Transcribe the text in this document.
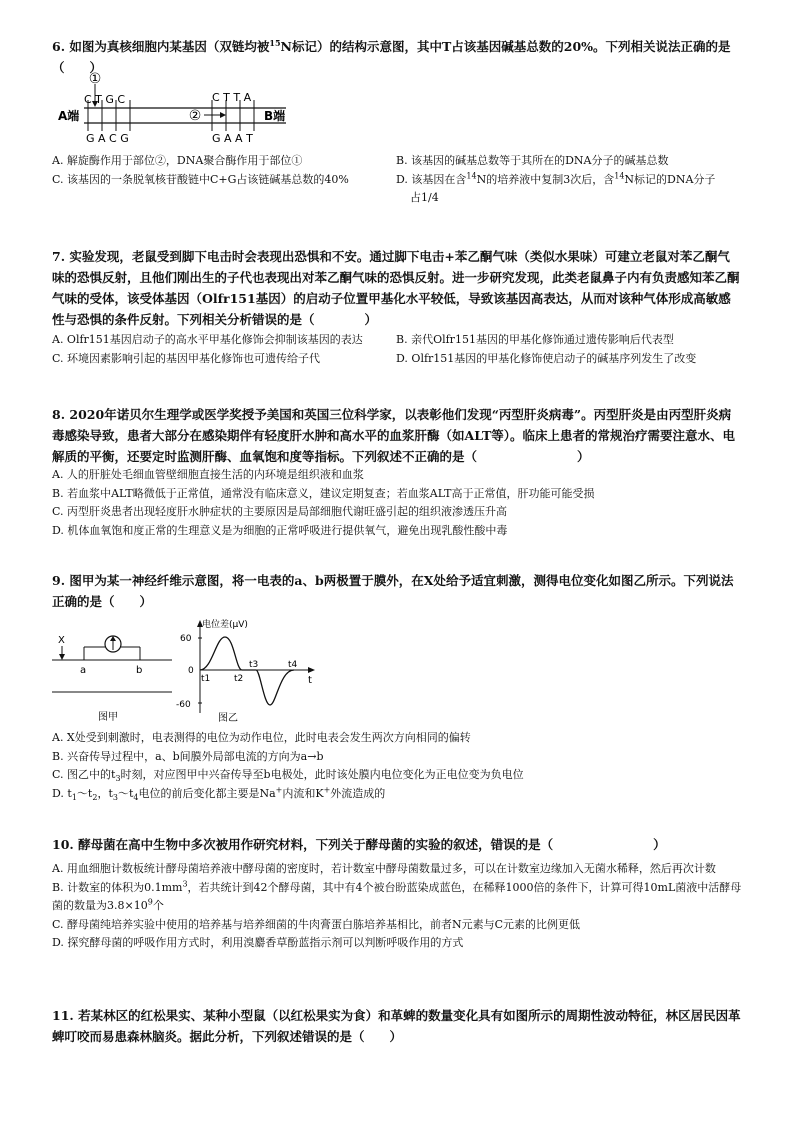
6. 如图为真核细胞内某基因（双链均被$^{15}$N标记）的结构示意图，其中T占该基因碱基总数的20%。下列相关说法正确的是（　　）

①
②
A端	B端
C T G C	C T T A
G A C G	G A A T

A. 解旋酶作用于部位②，DNA聚合酶作用于部位①	B. 该基因的碱基总数等于其所在的DNA分子的碱基总数

C. 该基因的一条脱氧核苷酸链中C+G占该链碱基总数的40%	D. 该基因在含$^{14}$N的培养液中复制3次后，含$^{14}$N标记的DNA分子
占1/4

7. 实验发现，老鼠受到脚下电击时会表现出恐惧和不安。通过脚下电击+苯乙酮气味（类似水果味）可建立老鼠对苯乙酮气味的恐惧反射，且他们刚出生的子代也表现出对苯乙酮气味的恐惧反射。进一步研究发现，此类老鼠鼻子内有负责感知苯乙酮气味的受体，该受体基因（Olfr151基因）的启动子位置甲基化水平较低，导致该基因高表达，从而对该种气体形成高敏感性与恐惧的条件反射。下列相关分析错误的是（　　　　）

A. Olfr151基因启动子的高水平甲基化修饰会抑制该基因的表达	B. 亲代Olfr151基因的甲基化修饰通过遗传影响后代表型

C. 环境因素影响引起的基因甲基化修饰也可遗传给子代	D. Olfr151基因的甲基化修饰使启动子的碱基序列发生了改变

8. 2020年诺贝尔生理学或医学奖授予美国和英国三位科学家，以表彰他们发现“丙型肝炎病毒”。丙型肝炎是由丙型肝炎病毒感染导致，患者大部分在感染期伴有轻度肝水肿和高水平的血浆肝酶（如ALT等）。临床上患者的常规治疗需要注意水、电解质的平衡，还要定时监测肝酶、血氧饱和度等指标。下列叙述不正确的是（　　　　　　　　）

A. 人的肝脏处毛细血管壁细胞直接生活的内环境是组织液和血浆

B. 若血浆中ALT略微低于正常值，通常没有临床意义，建议定期复查；若血浆ALT高于正常值，肝功能可能受损

C. 丙型肝炎患者出现轻度肝水肿症状的主要原因是局部细胞代谢旺盛引起的组织液渗透压升高

D. 机体血氧饱和度正常的生理意义是为细胞的正常呼吸进行提供氧气，避免出现乳酸性酸中毒

9. 图甲为某一神经纤维示意图，将一电表的a、b两极置于膜外，在X处给予适宜刺激，测得电位变化如图乙所示。下列说法正确的是（　　）

X
a	b
图甲
电位差(μV)
t
60
0
-60
t1	t2
t3	t4
图乙

A. X处受到刺激时，电表测得的电位为动作电位，此时电表会发生两次方向相同的偏转

B. 兴奋传导过程中，a、b间膜外局部电流的方向为a→b

C. 图乙中的$t_3$时刻，对应图甲中兴奋传导至b电极处，此时该处膜内电位变化为正电位变为负电位

D. $t_1\sim t_2$，$t_3\sim t_4$电位的前后变化都主要是Na+内流和K+外流造成的

10. 酵母菌在高中生物中多次被用作研究材料，下列关于酵母菌的实验的叙述，错误的是（　　　　　　　　）

A. 用血细胞计数板统计酵母菌培养液中酵母菌的密度时，若计数室中酵母菌数量过多，可以在计数室边缘加入无菌水稀释，然后再次计数

B. 计数室的体积为$0.1mm^3$，若共统计到42个酵母菌，其中有4个被台盼蓝染成蓝色，在稀释1000倍的条件下，计算可得10mL菌液中活酵母菌的数量为$3.8\times 10^9$个

C. 酵母菌纯培养实验中使用的培养基与培养细菌的牛肉膏蛋白胨培养基相比，前者N元素与C元素的比例更低

D. 探究酵母菌的呼吸作用方式时，利用溴麝香草酚蓝指示剂可以判断呼吸作用的方式

11. 若某林区的红松果实、某种小型鼠（以红松果实为食）和革蜱的数量变化具有如图所示的周期性波动特征，林区居民因革蜱叮咬而易患森林脑炎。据此分析，下列叙述错误的是（　　）
